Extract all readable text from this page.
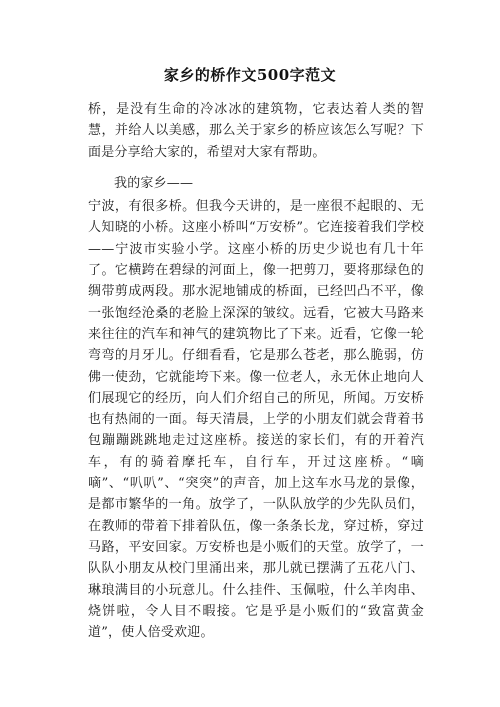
家乡的桥作文500字范文

桥，是没有生命的冷冰冰的建筑物，它表达着人类的智慧，并给人以美感，那么关于家乡的桥应该怎么写呢？下面是分享给大家的，希望对大家有帮助。

我的家乡——

宁波，有很多桥。但我今天讲的，是一座很不起眼的、无人知晓的小桥。这座小桥叫“万安桥”。它连接着我们学校——宁波市实验小学。这座小桥的历史少说也有几十年了。它横跨在碧绿的河面上，像一把剪刀，要将那绿色的绸带剪成两段。那水泥地铺成的桥面，已经凹凸不平，像一张饱经沧桑的老脸上深深的皱纹。远看，它被大马路来来往往的汽车和神气的建筑物比了下来。近看，它像一轮弯弯的月牙儿。仔细看看，它是那么苍老，那么脆弱，仿佛一使劲，它就能垮下来。像一位老人，永无休止地向人们展现它的经历，向人们介绍自己的所见，所闻。万安桥也有热闹的一面。每天清晨，上学的小朋友们就会背着书包蹦蹦跳跳地走过这座桥。接送的家长们，有的开着汽车，有的骑着摩托车，自行车，开过这座桥。“嘀嘀”、“叭叭”、“突突”的声音，加上这车水马龙的景像，是都市繁华的一角。放学了，一队队放学的少先队员们，在教师的带着下排着队伍，像一条条长龙，穿过桥，穿过马路，平安回家。万安桥也是小贩们的天堂。放学了，一队队小朋友从校门里涌出来，那儿就已摆满了五花八门、琳琅满目的小玩意儿。什么挂件、玉佩啦，什么羊肉串、烧饼啦，令人目不暇接。它是乎是小贩们的“致富黄金道”，使人倍受欢迎。
